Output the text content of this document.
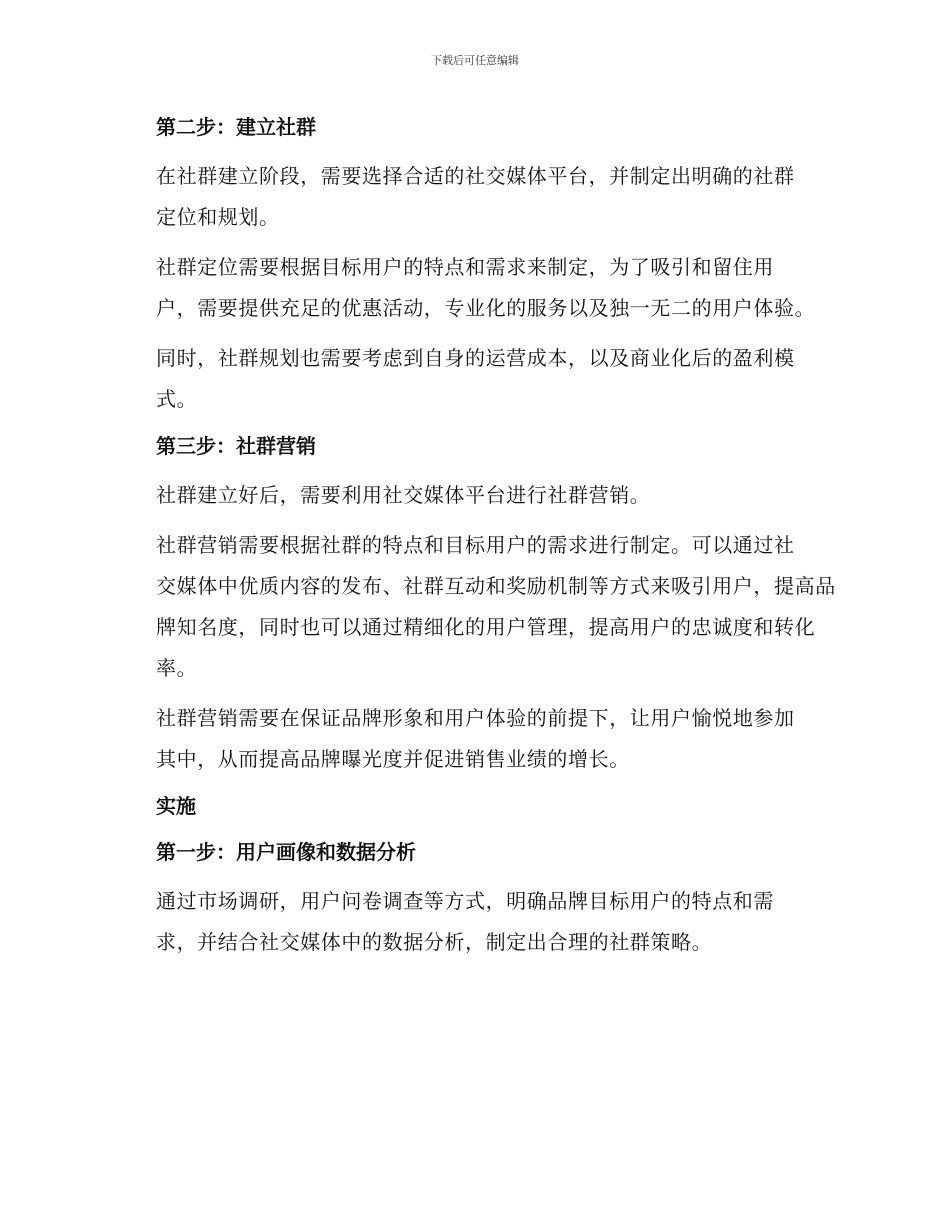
下载后可任意编辑
第二步：建立社群

在社群建立阶段，需要选择合适的社交媒体平台，并制定出明确的社群
定位和规划。

社群定位需要根据目标用户的特点和需求来制定，为了吸引和留住用
户，需要提供充足的优惠活动，专业化的服务以及独一无二的用户体验。

同时，社群规划也需要考虑到自身的运营成本，以及商业化后的盈利模
式。

第三步：社群营销

社群建立好后，需要利用社交媒体平台进行社群营销。

社群营销需要根据社群的特点和目标用户的需求进行制定。可以通过社
交媒体中优质内容的发布、社群互动和奖励机制等方式来吸引用户，提高品
牌知名度，同时也可以通过精细化的用户管理，提高用户的忠诚度和转化
率。

社群营销需要在保证品牌形象和用户体验的前提下，让用户愉悦地参加
其中，从而提高品牌曝光度并促进销售业绩的增长。

实施
第一步：用户画像和数据分析

通过市场调研，用户问卷调查等方式，明确品牌目标用户的特点和需
求，并结合社交媒体中的数据分析，制定出合理的社群策略。
